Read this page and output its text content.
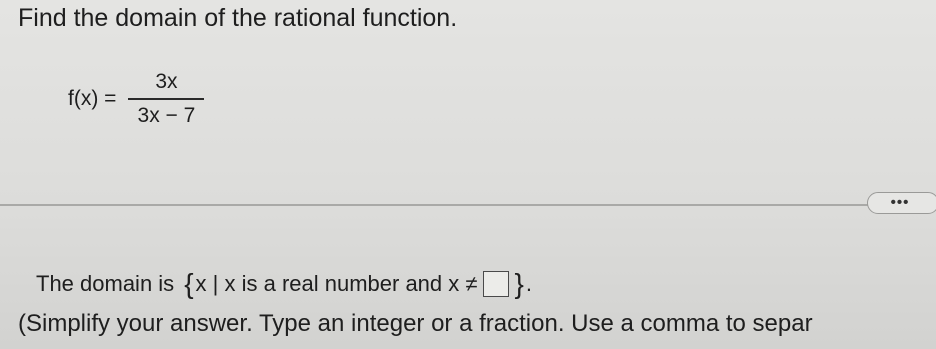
Find the domain of the rational function.
$f(x) = \frac{3x}{3x - 7}$
•••
The domain is { x | x is a real number and x ≠ } .
(Simplify your answer. Type an integer or a fraction. Use a comma to separ
